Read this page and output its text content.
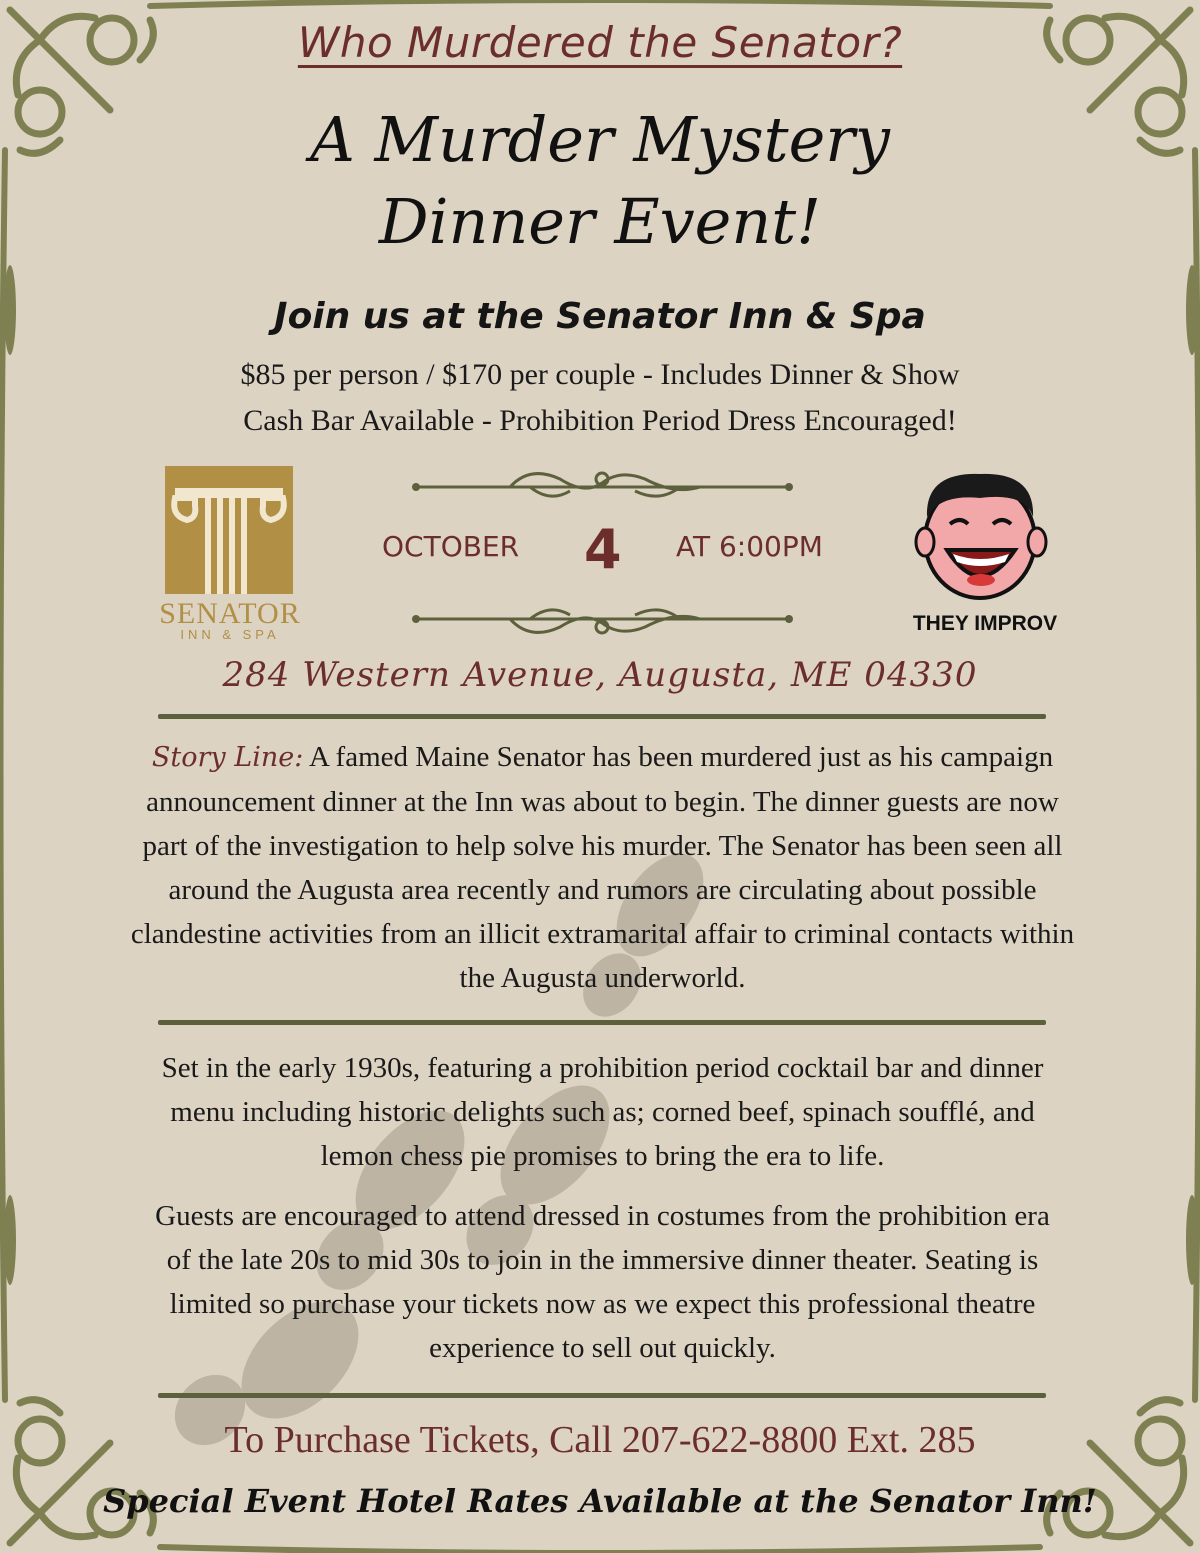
Who Murdered the Senator?
A Murder Mystery
Dinner Event!
Join us at the Senator Inn & Spa
$85 per person / $170 per couple - Includes Dinner & Show
Cash Bar Available - Prohibition Period Dress Encouraged!
SENATOR
INN & SPA
OCTOBER 4 AT 6:00PM
THEY IMPROV
284 Western Avenue, Augusta, ME 04330
Story Line: A famed Maine Senator has been murdered just as his campaign announcement dinner at the Inn was about to begin. The dinner guests are now part of the investigation to help solve his murder. The Senator has been seen all around the Augusta area recently and rumors are circulating about possible clandestine activities from an illicit extramarital affair to criminal contacts within the Augusta underworld.
Set in the early 1930s, featuring a prohibition period cocktail bar and dinner menu including historic delights such as; corned beef, spinach soufflé, and lemon chess pie promises to bring the era to life.
Guests are encouraged to attend dressed in costumes from the prohibition era of the late 20s to mid 30s to join in the immersive dinner theater. Seating is limited so purchase your tickets now as we expect this professional theatre experience to sell out quickly.
To Purchase Tickets, Call 207-622-8800 Ext. 285
Special Event Hotel Rates Available at the Senator Inn!
